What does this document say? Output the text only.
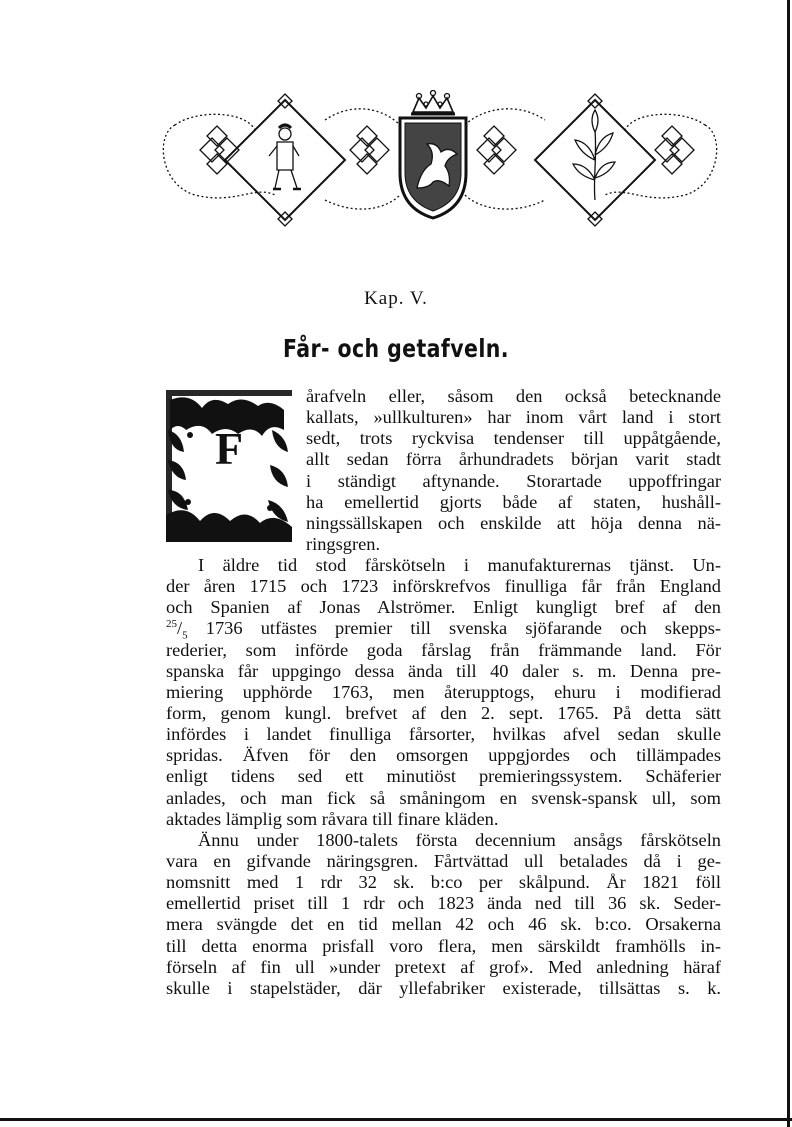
Kap. V.
Får- och getafveln.
F
årafveln eller, såsom den också betecknande
kallats, »ullkulturen» har inom vårt land i stort
sedt, trots ryckvisa tendenser till uppåtgående,
allt sedan förra århundradets början varit stadt
i ständigt aftynande. Storartade uppoffringar
ha emellertid gjorts både af staten, hushåll-
ningssällskapen och enskilde att höja denna nä-
ringsgren.
I äldre tid stod fårskötseln i manufakturernas tjänst. Un-
der åren 1715 och 1723 införskrefvos finulliga får från England
och Spanien af Jonas Alströmer. Enligt kungligt bref af den
$^{25}/_5$ 1736 utfästes premier till svenska sjöfarande och skepps-
rederier, som införde goda fårslag från främmande land. För
spanska får uppgingo dessa ända till 40 daler s. m. Denna pre-
miering upphörde 1763, men återupptogs, ehuru i modifierad
form, genom kungl. brefvet af den 2. sept. 1765. På detta sätt
infördes i landet finulliga fårsorter, hvilkas afvel sedan skulle
spridas. Äfven för den omsorgen uppgjordes och tillämpades
enligt tidens sed ett minutiöst premieringssystem. Schäferier
anlades, och man fick så småningom en svensk-spansk ull, som
aktades lämplig som råvara till finare kläden.
Ännu under 1800-talets första decennium ansågs fårskötseln
vara en gifvande näringsgren. Fårtvättad ull betalades då i ge-
nomsnitt med 1 rdr 32 sk. b:co per skålpund. År 1821 föll
emellertid priset till 1 rdr och 1823 ända ned till 36 sk. Seder-
mera svängde det en tid mellan 42 och 46 sk. b:co. Orsakerna
till detta enorma prisfall voro flera, men särskildt framhölls in-
förseln af fin ull »under pretext af grof». Med anledning häraf
skulle i stapelstäder, där yllefabriker existerade, tillsättas s. k.
